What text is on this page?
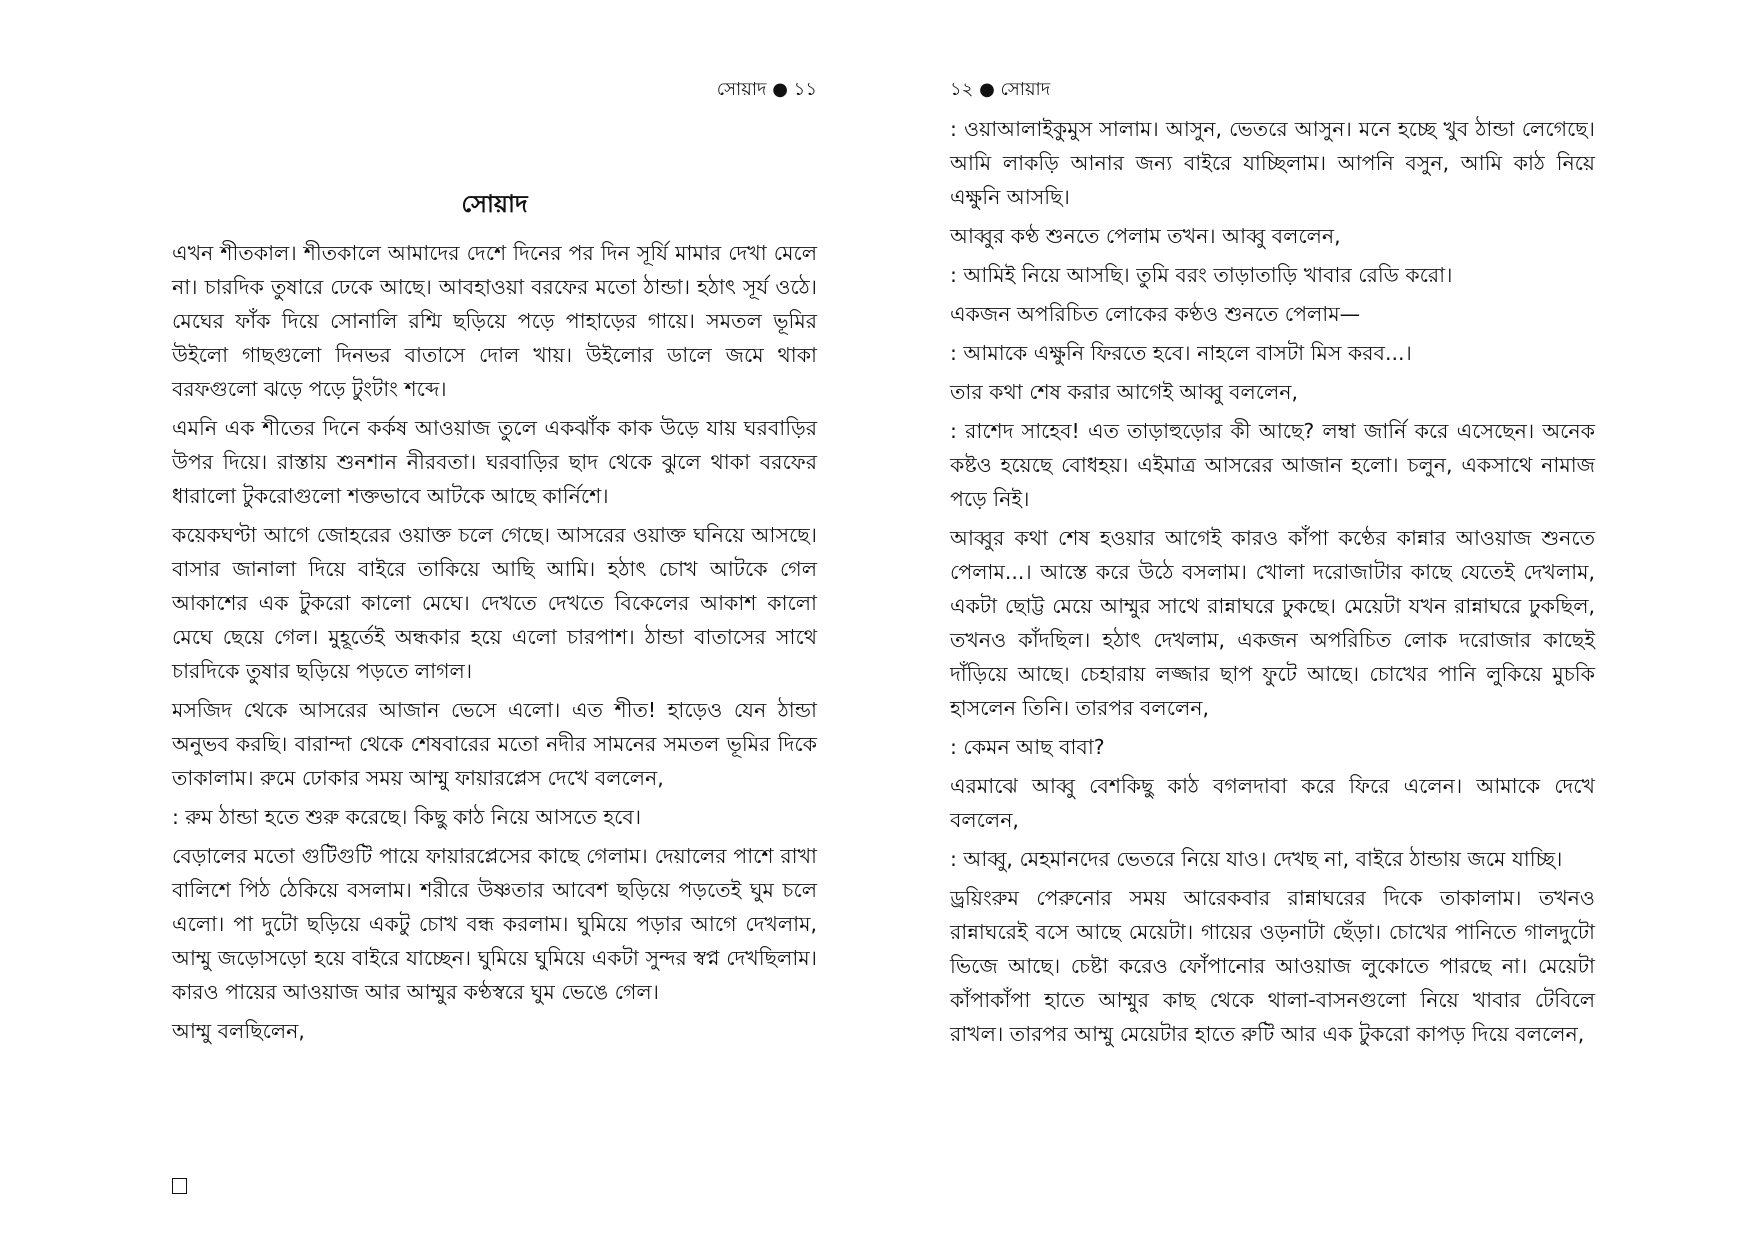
সোয়াদ ● ১১
সোয়াদ

এখন শীতকাল। শীতকালে আমাদের দেশে দিনের পর দিন সূর্যি মামার দেখা মেলে না। চারদিক তুষারে ঢেকে আছে। আবহাওয়া বরফের মতো ঠান্ডা। হঠাৎ সূর্য ওঠে। মেঘের ফাঁক দিয়ে সোনালি রশ্মি ছড়িয়ে পড়ে পাহাড়ের গায়ে। সমতল ভূমির উইলো গাছগুলো দিনভর বাতাসে দোল খায়। উইলোর ডালে জমে থাকা বরফগুলো ঝড়ে পড়ে টুংটাং শব্দে।

এমনি এক শীতের দিনে কর্কষ আওয়াজ তুলে একঝাঁক কাক উড়ে যায় ঘরবাড়ির উপর দিয়ে। রাস্তায় শুনশান নীরবতা। ঘরবাড়ির ছাদ থেকে ঝুলে থাকা বরফের ধারালো টুকরোগুলো শক্তভাবে আটকে আছে কার্নিশে।

কয়েকঘণ্টা আগে জোহরের ওয়াক্ত চলে গেছে। আসরের ওয়াক্ত ঘনিয়ে আসছে। বাসার জানালা দিয়ে বাইরে তাকিয়ে আছি আমি। হঠাৎ চোখ আটকে গেল আকাশের এক টুকরো কালো মেঘে। দেখতে দেখতে বিকেলের আকাশ কালো মেঘে ছেয়ে গেল। মুহূর্তেই অন্ধকার হয়ে এলো চারপাশ। ঠান্ডা বাতাসের সাথে চারদিকে তুষার ছড়িয়ে পড়তে লাগল।

মসজিদ থেকে আসরের আজান ভেসে এলো। এত শীত! হাড়েও যেন ঠান্ডা অনুভব করছি। বারান্দা থেকে শেষবারের মতো নদীর সামনের সমতল ভূমির দিকে তাকালাম। রুমে ঢোকার সময় আম্মু ফায়ারপ্লেস দেখে বললেন,

: রুম ঠান্ডা হতে শুরু করেছে। কিছু কাঠ নিয়ে আসতে হবে।

বেড়ালের মতো গুটিগুটি পায়ে ফায়ারপ্লেসের কাছে গেলাম। দেয়ালের পাশে রাখা বালিশে পিঠ ঠেকিয়ে বসলাম। শরীরে উষ্ণতার আবেশ ছড়িয়ে পড়তেই ঘুম চলে এলো। পা দুটো ছড়িয়ে একটু চোখ বন্ধ করলাম। ঘুমিয়ে পড়ার আগে দেখলাম, আম্মু জড়োসড়ো হয়ে বাইরে যাচ্ছেন। ঘুমিয়ে ঘুমিয়ে একটা সুন্দর স্বপ্ন দেখছিলাম। কারও পায়ের আওয়াজ আর আম্মুর কণ্ঠস্বরে ঘুম ভেঙে গেল।

আম্মু বলছিলেন,

১২ ● সোয়াদ

: ওয়াআলাইকুমুস সালাম। আসুন, ভেতরে আসুন। মনে হচ্ছে খুব ঠান্ডা লেগেছে। আমি লাকড়ি আনার জন্য বাইরে যাচ্ছিলাম। আপনি বসুন, আমি কাঠ নিয়ে এক্ষুনি আসছি।

আব্বুর কণ্ঠ শুনতে পেলাম তখন। আব্বু বললেন,

: আমিই নিয়ে আসছি। তুমি বরং তাড়াতাড়ি খাবার রেডি করো।

একজন অপরিচিত লোকের কণ্ঠও শুনতে পেলাম—

: আমাকে এক্ষুনি ফিরতে হবে। নাহলে বাসটা মিস করব...।

তার কথা শেষ করার আগেই আব্বু বললেন,

: রাশেদ সাহেব! এত তাড়াহুড়োর কী আছে? লম্বা জার্নি করে এসেছেন। অনেক কষ্টও হয়েছে বোধহয়। এইমাত্র আসরের আজান হলো। চলুন, একসাথে নামাজ পড়ে নিই।

আব্বুর কথা শেষ হওয়ার আগেই কারও কাঁপা কণ্ঠের কান্নার আওয়াজ শুনতে পেলাম...। আস্তে করে উঠে বসলাম। খোলা দরোজাটার কাছে যেতেই দেখলাম, একটা ছোট্ট মেয়ে আম্মুর সাথে রান্নাঘরে ঢুকছে। মেয়েটা যখন রান্নাঘরে ঢুকছিল, তখনও কাঁদছিল। হঠাৎ দেখলাম, একজন অপরিচিত লোক দরোজার কাছেই দাঁড়িয়ে আছে। চেহারায় লজ্জার ছাপ ফুটে আছে। চোখের পানি লুকিয়ে মুচকি হাসলেন তিনি। তারপর বললেন,

: কেমন আছ বাবা?

এরমাঝে আব্বু বেশকিছু কাঠ বগলদাবা করে ফিরে এলেন। আমাকে দেখে বললেন,

: আব্বু, মেহমানদের ভেতরে নিয়ে যাও। দেখছ না, বাইরে ঠান্ডায় জমে যাচ্ছি।

ড্রয়িংরুম পেরুনোর সময় আরেকবার রান্নাঘরের দিকে তাকালাম। তখনও রান্নাঘরেই বসে আছে মেয়েটা। গায়ের ওড়নাটা ছেঁড়া। চোখের পানিতে গালদুটো ভিজে আছে। চেষ্টা করেও ফোঁপানোর আওয়াজ লুকোতে পারছে না। মেয়েটা কাঁপাকাঁপা হাতে আম্মুর কাছ থেকে থালা-বাসনগুলো নিয়ে খাবার টেবিলে রাখল। তারপর আম্মু মেয়েটার হাতে রুটি আর এক টুকরো কাপড় দিয়ে বললেন,
